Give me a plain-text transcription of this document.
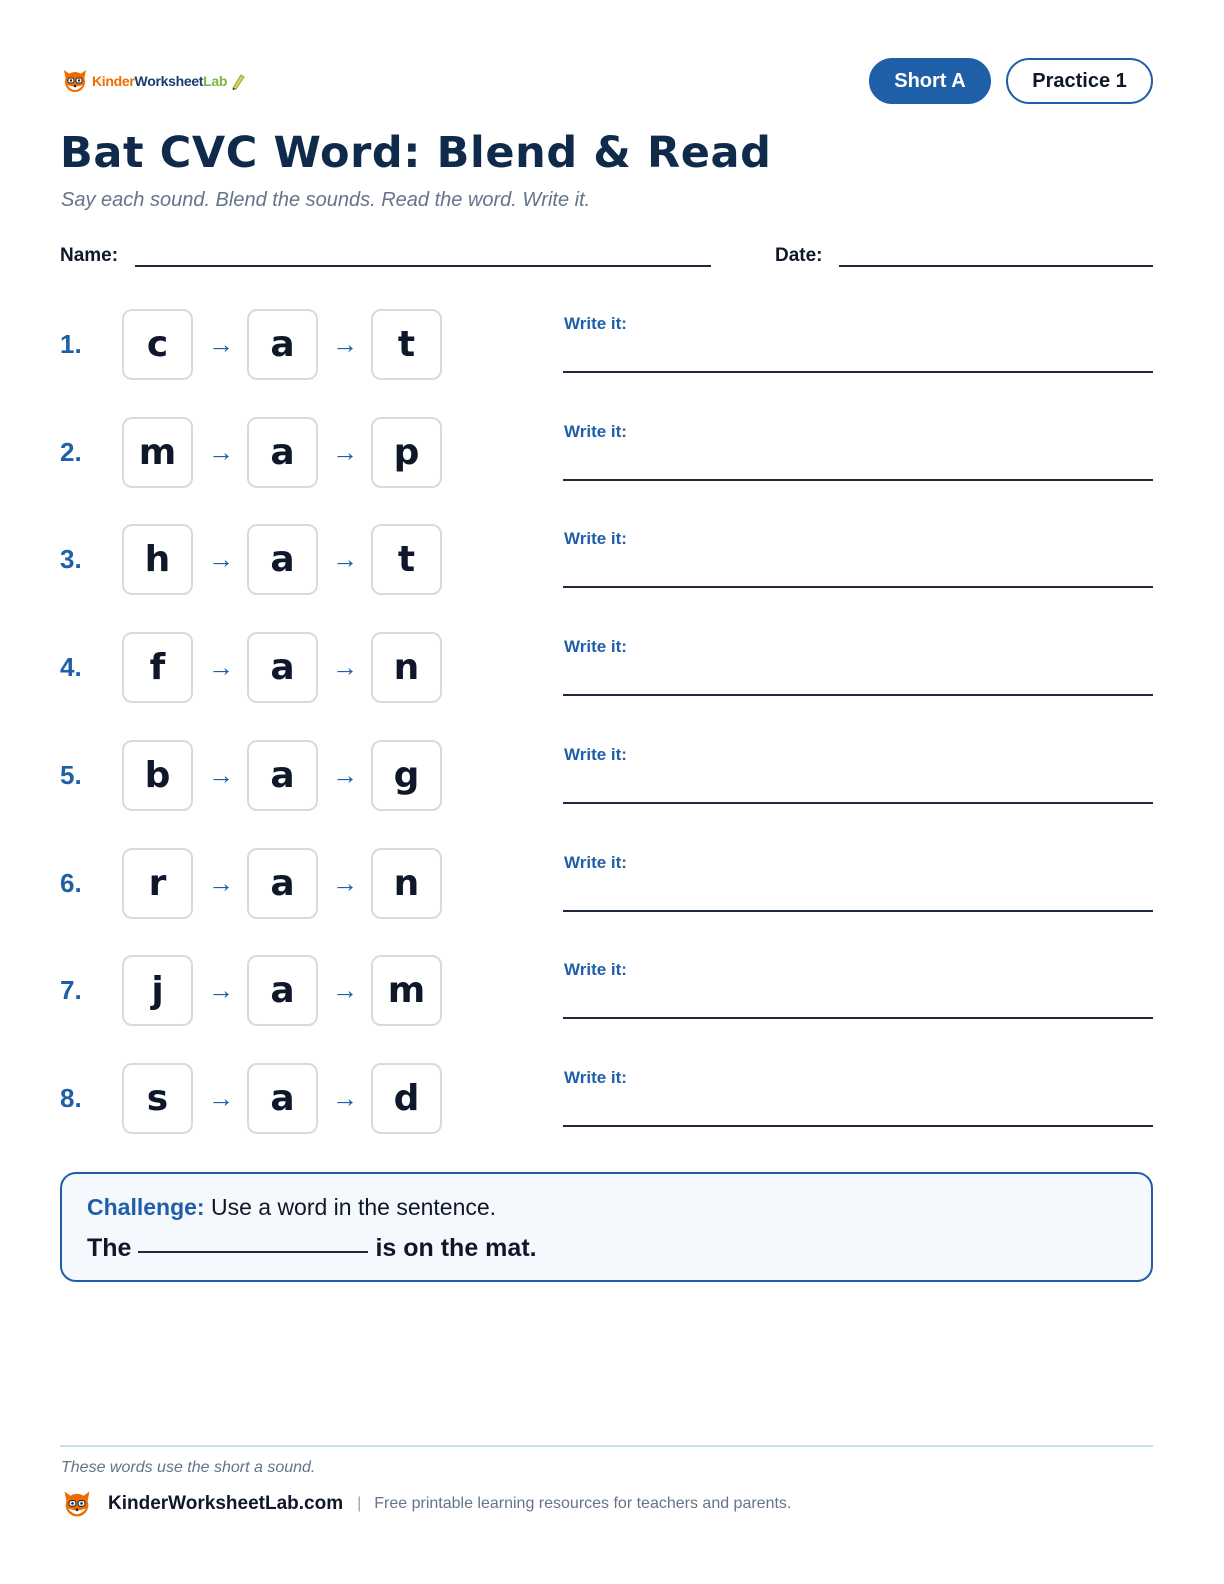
KinderWorksheetLab	Short A	Practice 1
Bat CVC Word: Blend & Read
Say each sound. Blend the sounds. Read the word. Write it.
Name:	Date:
1.	c	→	a	→	t
Write it:
2.	m	→	a	→ p
Write it:
3.	h	→	a	→	t
Write it:
4.	f	→	a	→ n
Write it:
5.	b	→	a	→ g
Write it:
6.	r	→	a	→ n
Write it:
7.	j	→	a	→ m
Write it:
8.	s	→	a	→ d
Write it:
Challenge: Use a word in the sentence.
The	is on the mat.
These words use the short a sound.
KinderWorksheetLab.com | Free printable learning resources for teachers and parents.
